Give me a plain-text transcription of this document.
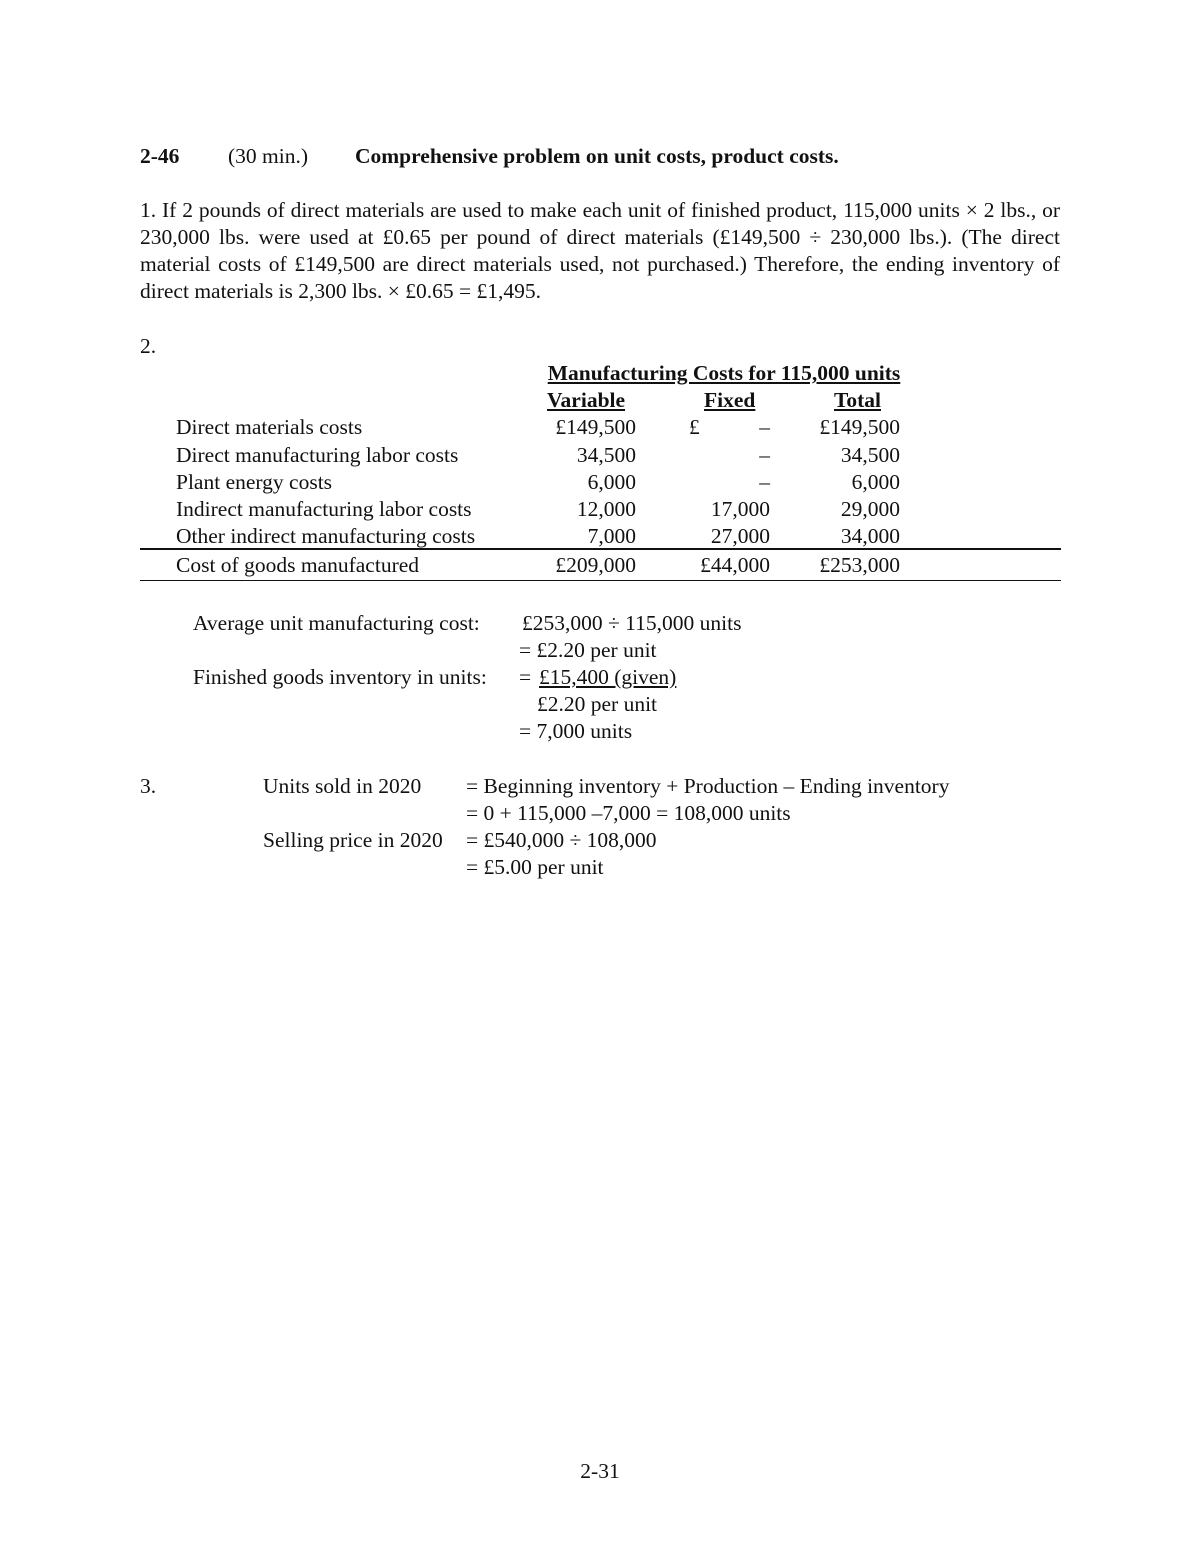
2-46 (30 min.) Comprehensive problem on unit costs, product costs.
1. If 2 pounds of direct materials are used to make each unit of finished product, 115,000 units × 2 lbs., or 230,000 lbs. were used at £0.65 per pound of direct materials (£149,500 ÷ 230,000 lbs.). (The direct material costs of £149,500 are direct materials used, not purchased.) Therefore, the ending inventory of direct materials is 2,300 lbs. × £0.65 = £1,495.
2.
Manufacturing Costs for 115,000 units
Variable	Fixed	Total
Direct materials costs	£149,500 £	–	£149,500
Direct manufacturing labor costs	34,500	–	34,500
Plant energy costs	6,000	–	6,000
Indirect manufacturing labor costs	12,000	17,000	29,000
Other indirect manufacturing costs	7,000	27,000	34,000
Cost of goods manufactured	£209,000	£44,000	£253,000
Average unit manufacturing cost: £253,000 ÷ 115,000 units
= £2.20 per unit
Finished goods inventory in units: = £15,400 (given)
£2.20 per unit
= 7,000 units
3.	Units sold in 2020 = Beginning inventory + Production – Ending inventory
= 0 + 115,000 –7,000 = 108,000 units
Selling price in 2020 = £540,000 ÷ 108,000
= £5.00 per unit
2-31
